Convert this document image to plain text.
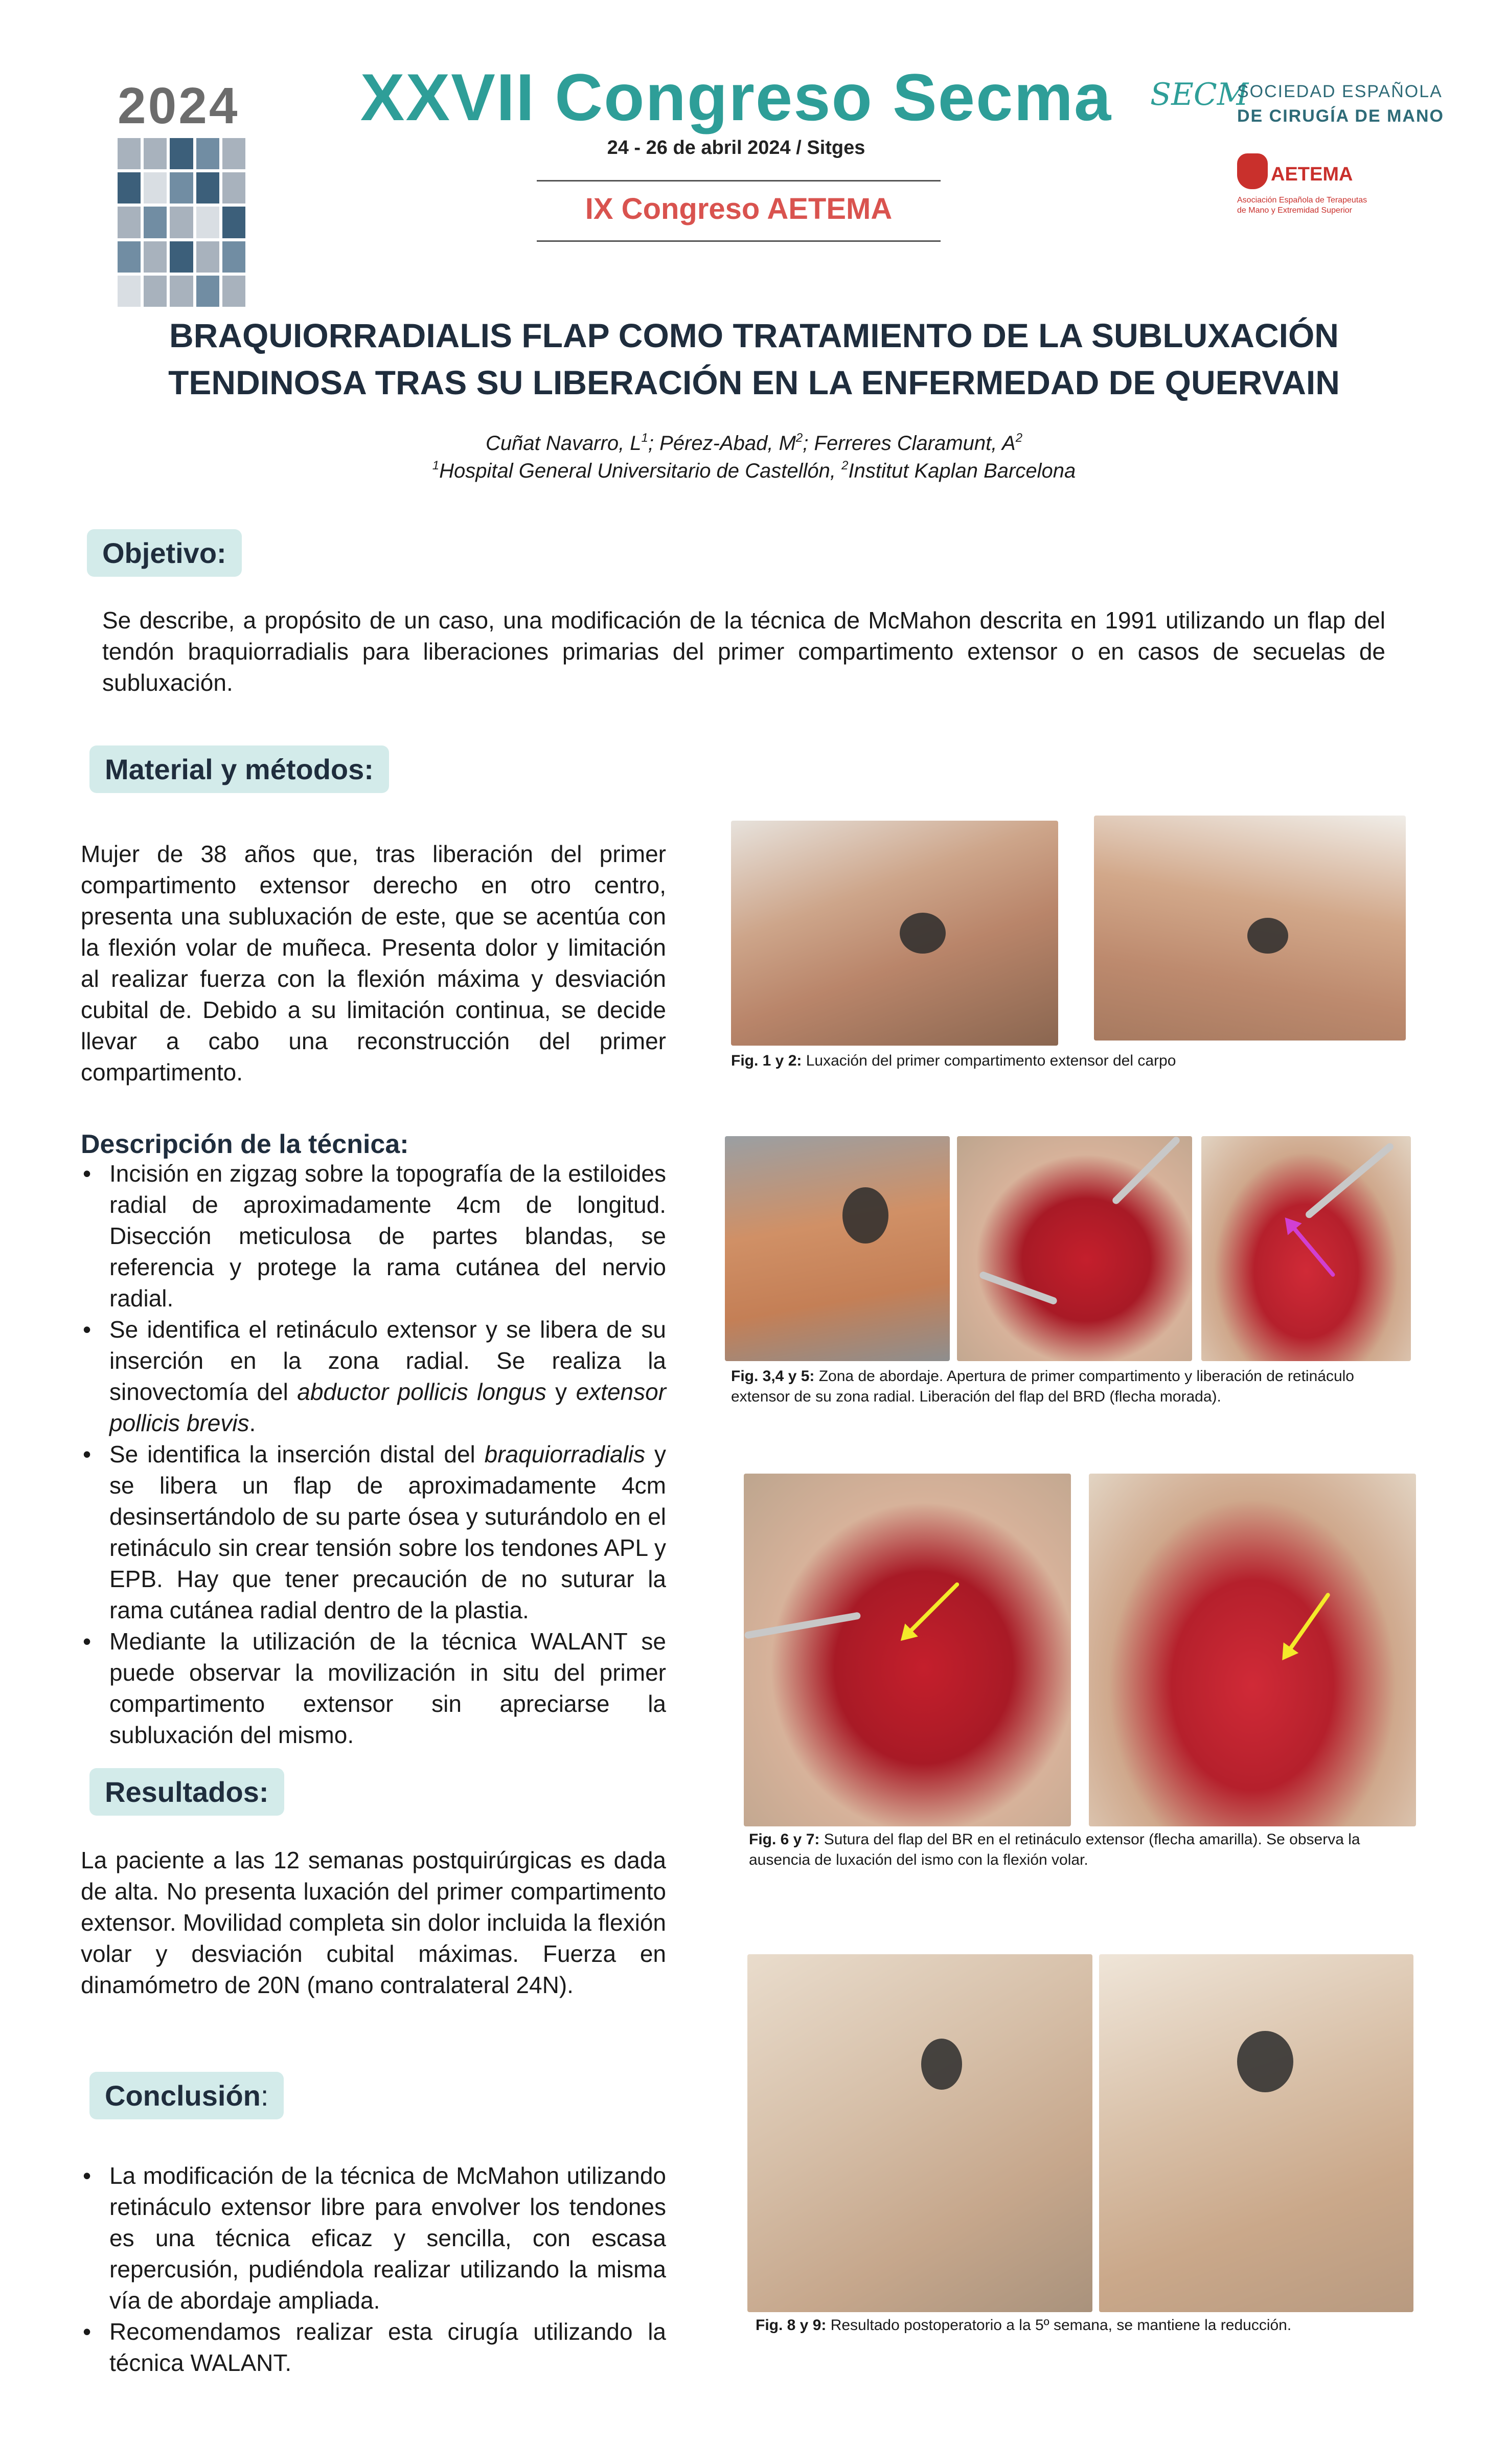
2024 XXVII Congreso Secma
24 - 26 de abril 2024 / Sitges
IX Congreso AETEMA
SECM
SOCIEDAD ESPAÑOLA
DE CIRUGÍA DE MANO
AETEMA
Asociación Española de Terapeutas de Mano y Extremidad Superior
BRAQUIORRADIALIS FLAP COMO TRATAMIENTO DE LA SUBLUXACIÓN
TENDINOSA TRAS SU LIBERACIÓN EN LA ENFERMEDAD DE QUERVAIN
Cuñat Navarro, $L^1$; Pérez-Abad, $M^2$; Ferreres Claramunt, $A^2$
$^1$Hospital General Universitario de Castellón, $^2$Institut Kaplan Barcelona
Objetivo:
Se describe, a propósito de un caso, una modificación de la técnica de McMahon descrita en 1991 utilizando un flap del tendón braquiorradialis para liberaciones primarias del primer compartimento extensor o en casos de secuelas de subluxación.
Material y métodos:
Mujer de 38 años que, tras liberación del primer compartimento extensor derecho en otro centro, presenta una subluxación de este, que se acentúa con la flexión volar de muñeca. Presenta dolor y limitación al realizar fuerza con la flexión máxima y desviación cubital de. Debido a su limitación continua, se decide llevar a cabo una reconstrucción del primer compartimento.
Descripción de la técnica:
• Incisión en zigzag sobre la topografía de la estiloides radial de aproximadamente 4cm de longitud. Disección meticulosa de partes blandas, se referencia y protege la rama cutánea del nervio radial.
• Se identifica el retináculo extensor y se libera de su inserción en la zona radial. Se realiza la sinovectomía del abductor pollicis longus y extensor pollicis brevis.
• Se identifica la inserción distal del braquiorradialis y se libera un flap de aproximadamente 4cm desinsertándolo de su parte ósea y suturándolo en el retináculo sin crear tensión sobre los tendones APL y EPB. Hay que tener precaución de no suturar la rama cutánea radial dentro de la plastia.
• Mediante la utilización de la técnica WALANT se puede observar la movilización in situ del primer compartimento extensor sin apreciarse la subluxación del mismo.
Resultados:
La paciente a las 12 semanas postquirúrgicas es dada de alta. No presenta luxación del primer compartimento extensor. Movilidad completa sin dolor incluida la flexión volar y desviación cubital máximas. Fuerza en dinamómetro de 20N (mano contralateral 24N).
Conclusión:
• La modificación de la técnica de McMahon utilizando retináculo extensor libre para envolver los tendones es una técnica eficaz y sencilla, con escasa repercusión, pudiéndola realizar utilizando la misma vía de abordaje ampliada.
• Recomendamos realizar esta cirugía utilizando la técnica WALANT.
Fig. 1 y 2: Luxación del primer compartimento extensor del carpo
Fig. 3,4 y 5: Zona de abordaje. Apertura de primer compartimento y liberación de retináculo extensor de su zona radial. Liberación del flap del BRD (flecha morada).
Fig. 6 y 7: Sutura del flap del BR en el retináculo extensor (flecha amarilla). Se observa la ausencia de luxación del ismo con la flexión volar.
Fig. 8 y 9: Resultado postoperatorio a la 5º semana, se mantiene la reducción.
